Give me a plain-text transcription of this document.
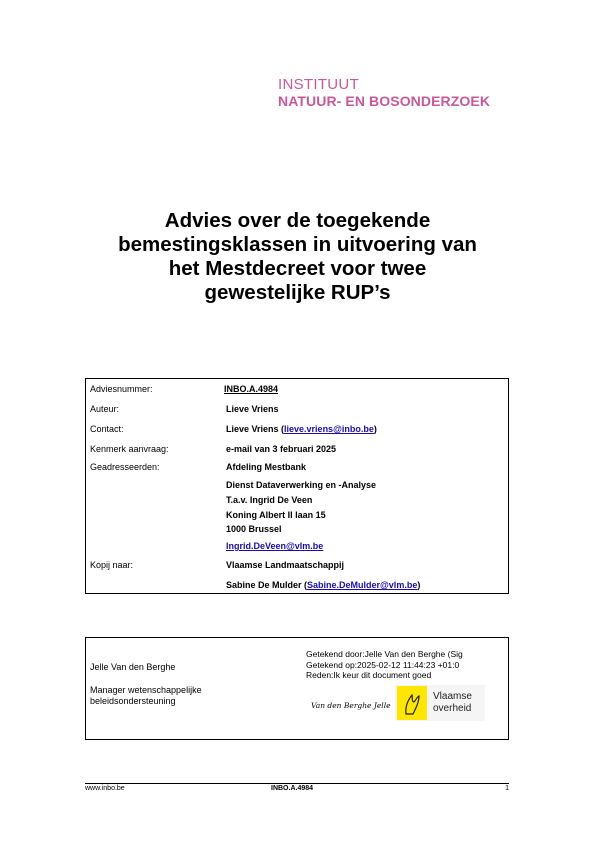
INSTITUUT
NATUUR- EN BOSONDERZOEK
Advies over de toegekende
bemestingsklassen in uitvoering van
het Mestdecreet voor twee
gewestelijke RUP’s
Adviesnummer:	INBO.A.4984
Auteur:	Lieve Vriens
Contact:	Lieve Vriens (lieve.vriens@inbo.be)
Kenmerk aanvraag:	e-mail van 3 februari 2025
Geadresseerden:	Afdeling Mestbank
Dienst Dataverwerking en -Analyse
T.a.v. Ingrid De Veen
Koning Albert II laan 15
1000 Brussel
Ingrid.DeVeen@vlm.be
Kopij naar:	Vlaamse Landmaatschappij
Sabine De Mulder (Sabine.DeMulder@vlm.be)
Jelle Van den Berghe
Manager wetenschappelijke
beleidsondersteuning
Getekend door:Jelle Van den Berghe (Sig
Getekend op:2025-02-12 11:44:23 +01:0
Reden:Ik keur dit document goed
Van den Berghe Jelle
Vlaamse
overheid
www.inbo.be	INBO.A.4984	1
